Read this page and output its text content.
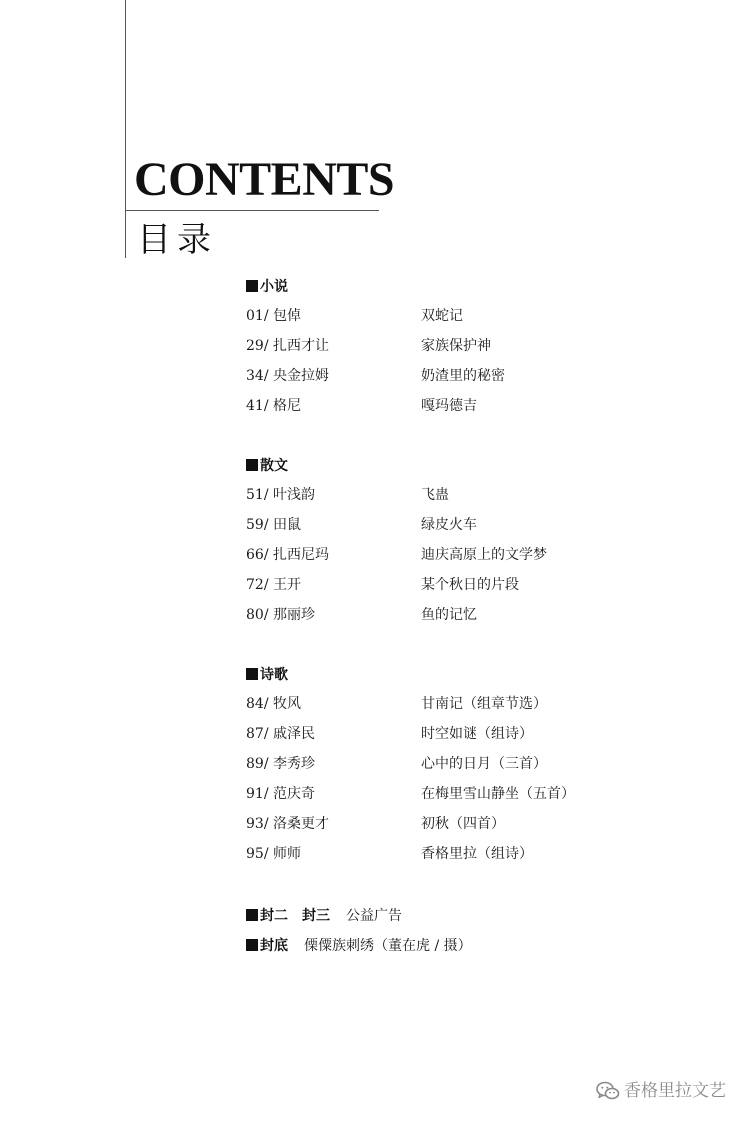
CONTENTS
目录
小说
01/ 包倬	双蛇记
29/ 扎西才让	家族保护神
34/ 央金拉姆	奶渣里的秘密
41/ 格尼	嘎玛德吉
散文
51/ 叶浅韵	飞蛊
59/ 田鼠	绿皮火车
66/ 扎西尼玛	迪庆高原上的文学梦
72/ 王开	某个秋日的片段
80/ 那丽珍	鱼的记忆
诗歌
84/ 牧风	甘南记（组章节选）
87/ 戚泽民	时空如谜（组诗）
89/ 李秀珍	心中的日月（三首）
91/ 范庆奇	在梅里雪山静坐（五首）
93/ 洛桑更才	初秋（四首）
95/ 师师	香格里拉（组诗）
封二　封三 公益广告
封底 傈僳族刺绣（董在虎 / 摄）
香格里拉文艺
